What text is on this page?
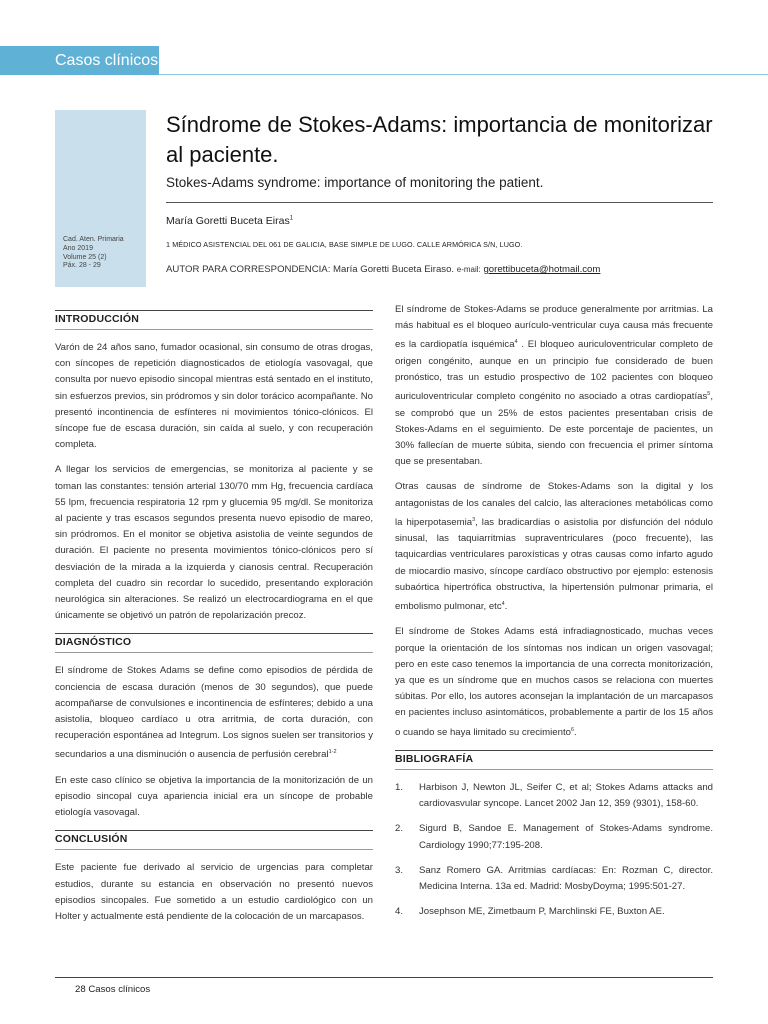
Casos clínicos
Cad. Aten. Primaria
Ano 2019
Volume 25 (2)
Páx. 28 - 29
Síndrome de Stokes-Adams: importancia de monitorizar al paciente.
Stokes-Adams syndrome: importance of monitoring the patient.
María Goretti Buceta Eiras$^1$
1 MÉDICO ASISTENCIAL DEL 061 DE GALICIA, BASE SIMPLE DE LUGO. CALLE ARMÓRICA S/N, LUGO.
AUTOR PARA CORRESPONDENCIA: María Goretti Buceta Eiraso. e-mail: gorettibuceta@hotmail.com
INTRODUCCIÓN

Varón de 24 años sano, fumador ocasional, sin consumo de otras drogas, con síncopes de repetición diagnosticados de etiología vasovagal, que consulta por nuevo episodio sincopal mientras está sentado en el instituto, sin esfuerzos previos, sin pródromos y sin dolor torácico acompañante. No presentó incontinencia de esfínteres ni movimientos tónico-clónicos. El síncope fue de escasa duración, sin caída al suelo, y con recuperación completa.

A llegar los servicios de emergencias, se monitoriza al paciente y se toman las constantes: tensión arterial 130/70 mm Hg, frecuencia cardíaca 55 lpm, frecuencia respiratoria 12 rpm y glucemia 95 mg/dl. Se monitoriza al paciente y tras escasos segundos presenta nuevo episodio de mareo, sin pródromos. En el monitor se objetiva asistolia de veinte segundos de duración. El paciente no presenta movimientos tónico-clónicos pero sí desviación de la mirada a la izquierda y cianosis central. Recuperación completa del cuadro sin recordar lo sucedido, presentando exploración neurológica sin alteraciones. Se realizó un electrocardiograma en el que únicamente se objetivó un patrón de repolarización precoz.

DIAGNÓSTICO

El síndrome de Stokes Adams se define como episodios de pérdida de conciencia de escasa duración (menos de 30 segundos), que puede acompañarse de convulsiones e incontinencia de esfínteres; debido a una asistolia, bloqueo cardíaco u otra arritmia, de corta duración, con recuperación espontánea ad Integrum. Los signos suelen ser transitorios y secundarios a una disminución o ausencia de perfusión cerebral$^{1-2}$

En este caso clínico se objetiva la importancia de la monitorización de un episodio sincopal cuya apariencia inicial era un síncope de probable etiología vasovagal.

CONCLUSIÓN

Este paciente fue derivado al servicio de urgencias para completar estudios, durante su estancia en observación no presentó nuevos episodios sincopales. Fue sometido a un estudio cardiológico con un Holter y actualmente está pendiente de la colocación de un marcapasos.

El síndrome de Stokes-Adams se produce generalmente por arritmias. La más habitual es el bloqueo aurículo-ventricular cuya causa más frecuente es la cardiopatía isquémica$^4$ . El bloqueo auriculoventricular completo de origen congénito, aunque en un principio fue considerado de buen pronóstico, tras un estudio prospectivo de 102 pacientes con bloqueo auriculoventricular completo congénito no asociado a otras cardiopatías$^5$, se comprobó que un 25% de estos pacientes presentaban crisis de Stokes-Adams en el seguimiento. De este porcentaje de pacientes, un 30% fallecían de muerte súbita, siendo con frecuencia el primer síntoma que se presentaban.

Otras causas de síndrome de Stokes-Adams son la digital y los antagonistas de los canales del calcio, las alteraciones metabólicas como la hiperpotasemia$^3$, las bradicardias o asistolia por disfunción del nódulo sinusal, las taquiarritmias supraventriculares (poco frecuente), las taquicardias ventriculares paroxísticas y otras causas como infarto agudo de miocardio masivo, síncope cardíaco obstructivo por ejemplo: estenosis subaórtica hipertrófica obstructiva, la hipertensión pulmonar primaria, el embolismo pulmonar, etc$^4$.

El síndrome de Stokes Adams está infradiagnosticado, muchas veces porque la orientación de los síntomas nos indican un origen vasovagal; pero en este caso tenemos la importancia de una correcta monitorización, ya que es un síndrome que en muchos casos se relaciona con muertes súbitas. Por ello, los autores aconsejan la implantación de un marcapasos en pacientes incluso asintomáticos, probablemente a partir de los 15 años o cuando se haya limitado su crecimiento$^6$.

BIBLIOGRAFÍA
1. Harbison J, Newton JL, Seifer C, et al; Stokes Adams attacks and cardiovasvular syncope. Lancet 2002 Jan 12, 359 (9301), 158-60.
2. Sigurd B, Sandoe E. Management of Stokes-Adams syndrome. Cardiology 1990;77:195-208.
3. Sanz Romero GA. Arritmias cardíacas: En: Rozman C, director. Medicina Interna. 13a ed. Madrid: MosbyDoyma; 1995:501-27.
4. Josephson ME, Zimetbaum P, Marchlinski FE, Buxton AE.
28 Casos clínicos
